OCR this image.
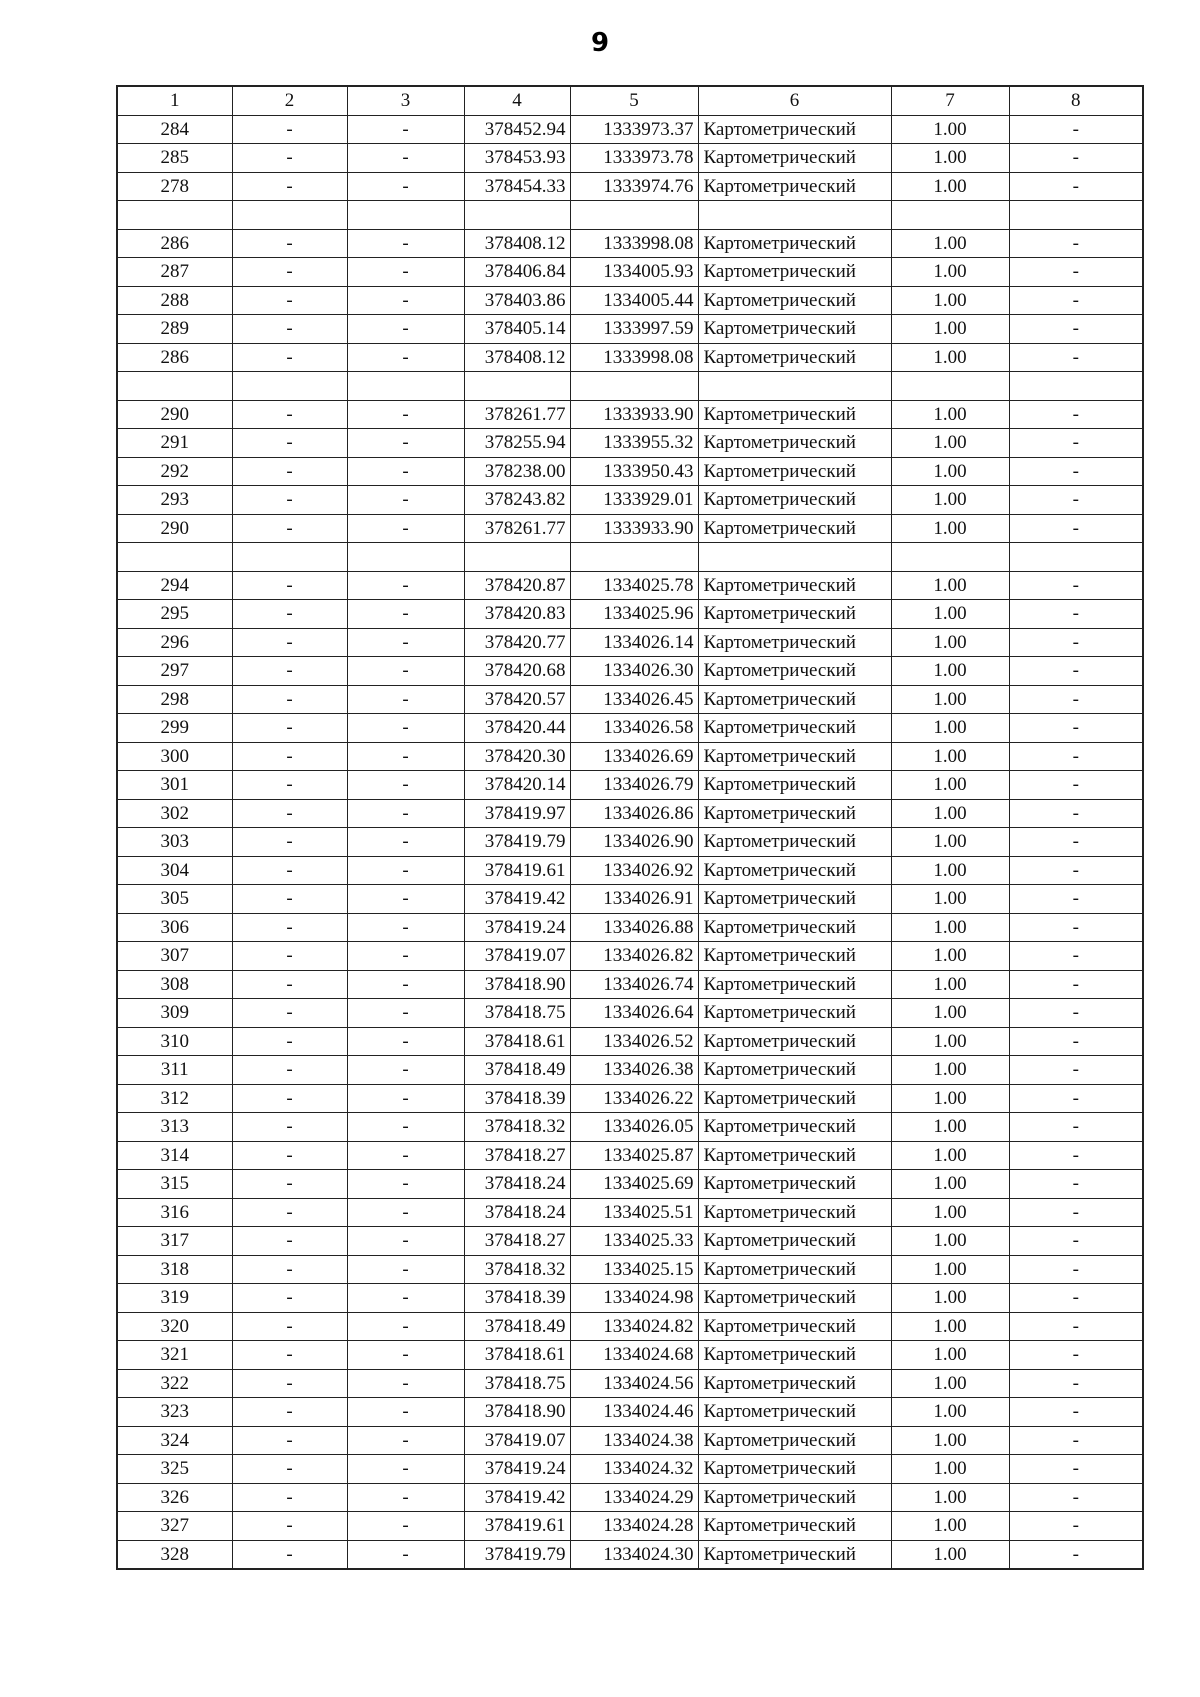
9
1	2	3	4	5	6	7	8
284	-	-	378452.94	1333973.37	Картометрический	1.00	-
285	-	-	378453.93	1333973.78	Картометрический	1.00	-
278	-	-	378454.33	1333974.76	Картометрический	1.00	-

286	-	-	378408.12	1333998.08	Картометрический	1.00	-
287	-	-	378406.84	1334005.93	Картометрический	1.00	-
288	-	-	378403.86	1334005.44	Картометрический	1.00	-
289	-	-	378405.14	1333997.59	Картометрический	1.00	-
286	-	-	378408.12	1333998.08	Картометрический	1.00	-

290	-	-	378261.77	1333933.90	Картометрический	1.00	-
291	-	-	378255.94	1333955.32	Картометрический	1.00	-
292	-	-	378238.00	1333950.43	Картометрический	1.00	-
293	-	-	378243.82	1333929.01	Картометрический	1.00	-
290	-	-	378261.77	1333933.90	Картометрический	1.00	-

294	-	-	378420.87	1334025.78	Картометрический	1.00	-
295	-	-	378420.83	1334025.96	Картометрический	1.00	-
296	-	-	378420.77	1334026.14	Картометрический	1.00	-
297	-	-	378420.68	1334026.30	Картометрический	1.00	-
298	-	-	378420.57	1334026.45	Картометрический	1.00	-
299	-	-	378420.44	1334026.58	Картометрический	1.00	-
300	-	-	378420.30	1334026.69	Картометрический	1.00	-
301	-	-	378420.14	1334026.79	Картометрический	1.00	-
302	-	-	378419.97	1334026.86	Картометрический	1.00	-
303	-	-	378419.79	1334026.90	Картометрический	1.00	-
304	-	-	378419.61	1334026.92	Картометрический	1.00	-
305	-	-	378419.42	1334026.91	Картометрический	1.00	-
306	-	-	378419.24	1334026.88	Картометрический	1.00	-
307	-	-	378419.07	1334026.82	Картометрический	1.00	-
308	-	-	378418.90	1334026.74	Картометрический	1.00	-
309	-	-	378418.75	1334026.64	Картометрический	1.00	-
310	-	-	378418.61	1334026.52	Картометрический	1.00	-
311	-	-	378418.49	1334026.38	Картометрический	1.00	-
312	-	-	378418.39	1334026.22	Картометрический	1.00	-
313	-	-	378418.32	1334026.05	Картометрический	1.00	-
314	-	-	378418.27	1334025.87	Картометрический	1.00	-
315	-	-	378418.24	1334025.69	Картометрический	1.00	-
316	-	-	378418.24	1334025.51	Картометрический	1.00	-
317	-	-	378418.27	1334025.33	Картометрический	1.00	-
318	-	-	378418.32	1334025.15	Картометрический	1.00	-
319	-	-	378418.39	1334024.98	Картометрический	1.00	-
320	-	-	378418.49	1334024.82	Картометрический	1.00	-
321	-	-	378418.61	1334024.68	Картометрический	1.00	-
322	-	-	378418.75	1334024.56	Картометрический	1.00	-
323	-	-	378418.90	1334024.46	Картометрический	1.00	-
324	-	-	378419.07	1334024.38	Картометрический	1.00	-
325	-	-	378419.24	1334024.32	Картометрический	1.00	-
326	-	-	378419.42	1334024.29	Картометрический	1.00	-
327	-	-	378419.61	1334024.28	Картометрический	1.00	-
328	-	-	378419.79	1334024.30	Картометрический	1.00	-
